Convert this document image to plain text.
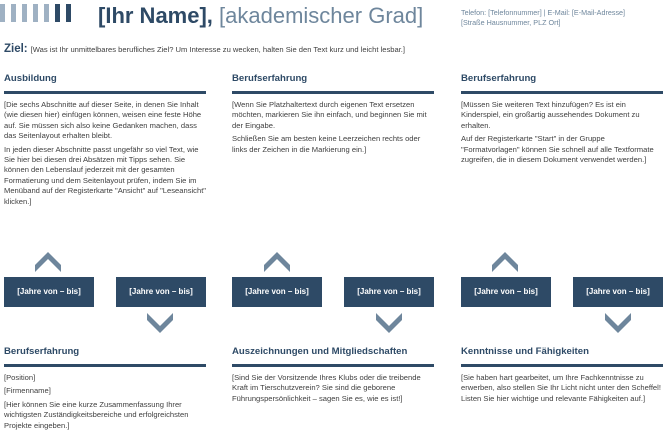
[Ihr Name], [akademischer Grad]	Telefon: [Telefonnummer] | E-Mail: [E-Mail-Adresse]
[Straße Hausnummer, PLZ Ort]
Ziel: [Was ist Ihr unmittelbares berufliches Ziel? Um Interesse zu wecken, halten Sie den Text kurz und leicht lesbar.]
Ausbildung

[Die sechs Abschnitte auf dieser Seite, in denen Sie Inhalt (wie diesen hier) einfügen können, weisen eine feste Höhe auf. Sie müssen sich also keine Gedanken machen, dass das Seitenlayout erhalten bleibt.

In jeden dieser Abschnitte passt ungefähr so viel Text, wie Sie hier bei diesen drei Absätzen mit Tipps sehen. Sie können den Lebenslauf jederzeit mit der gesamten Formatierung und dem Seitenlayout prüfen, indem Sie im Menüband auf der Registerkarte "Ansicht" auf "Leseansicht" klicken.]

Berufserfahrung

[Wenn Sie Platzhaltertext durch eigenen Text ersetzen möchten, markieren Sie ihn einfach, und beginnen Sie mit der Eingabe.

Schließen Sie am besten keine Leerzeichen rechts oder links der Zeichen in die Markierung ein.]

Berufserfahrung

[Müssen Sie weiteren Text hinzufügen? Es ist ein Kinderspiel, ein großartig aussehendes Dokument zu erhalten.

Auf der Registerkarte "Start" in der Gruppe "Formatvorlagen" können Sie schnell auf alle Textformate zugreifen, die in diesem Dokument verwendet werden.]

[Jahre von – bis]	[Jahre von – bis]	[Jahre von – bis]	[Jahre von – bis]	[Jahre von – bis]	[Jahre von – bis]
Berufserfahrung

[Position]

[Firmenname]

[Hier können Sie eine kurze Zusammenfassung Ihrer wichtigsten Zuständigkeitsbereiche und erfolgreichsten Projekte eingeben.]

Auszeichnungen und Mitgliedschaften

[Sind Sie der Vorsitzende Ihres Klubs oder die treibende Kraft im Tierschutzverein? Sie sind die geborene Führungspersönlichkeit – sagen Sie es, wie es ist!]

Kenntnisse und Fähigkeiten

[Sie haben hart gearbeitet, um Ihre Fachkenntnisse zu erwerben, also stellen Sie Ihr Licht nicht unter den Scheffel! Listen Sie hier wichtige und relevante Fähigkeiten auf.]
